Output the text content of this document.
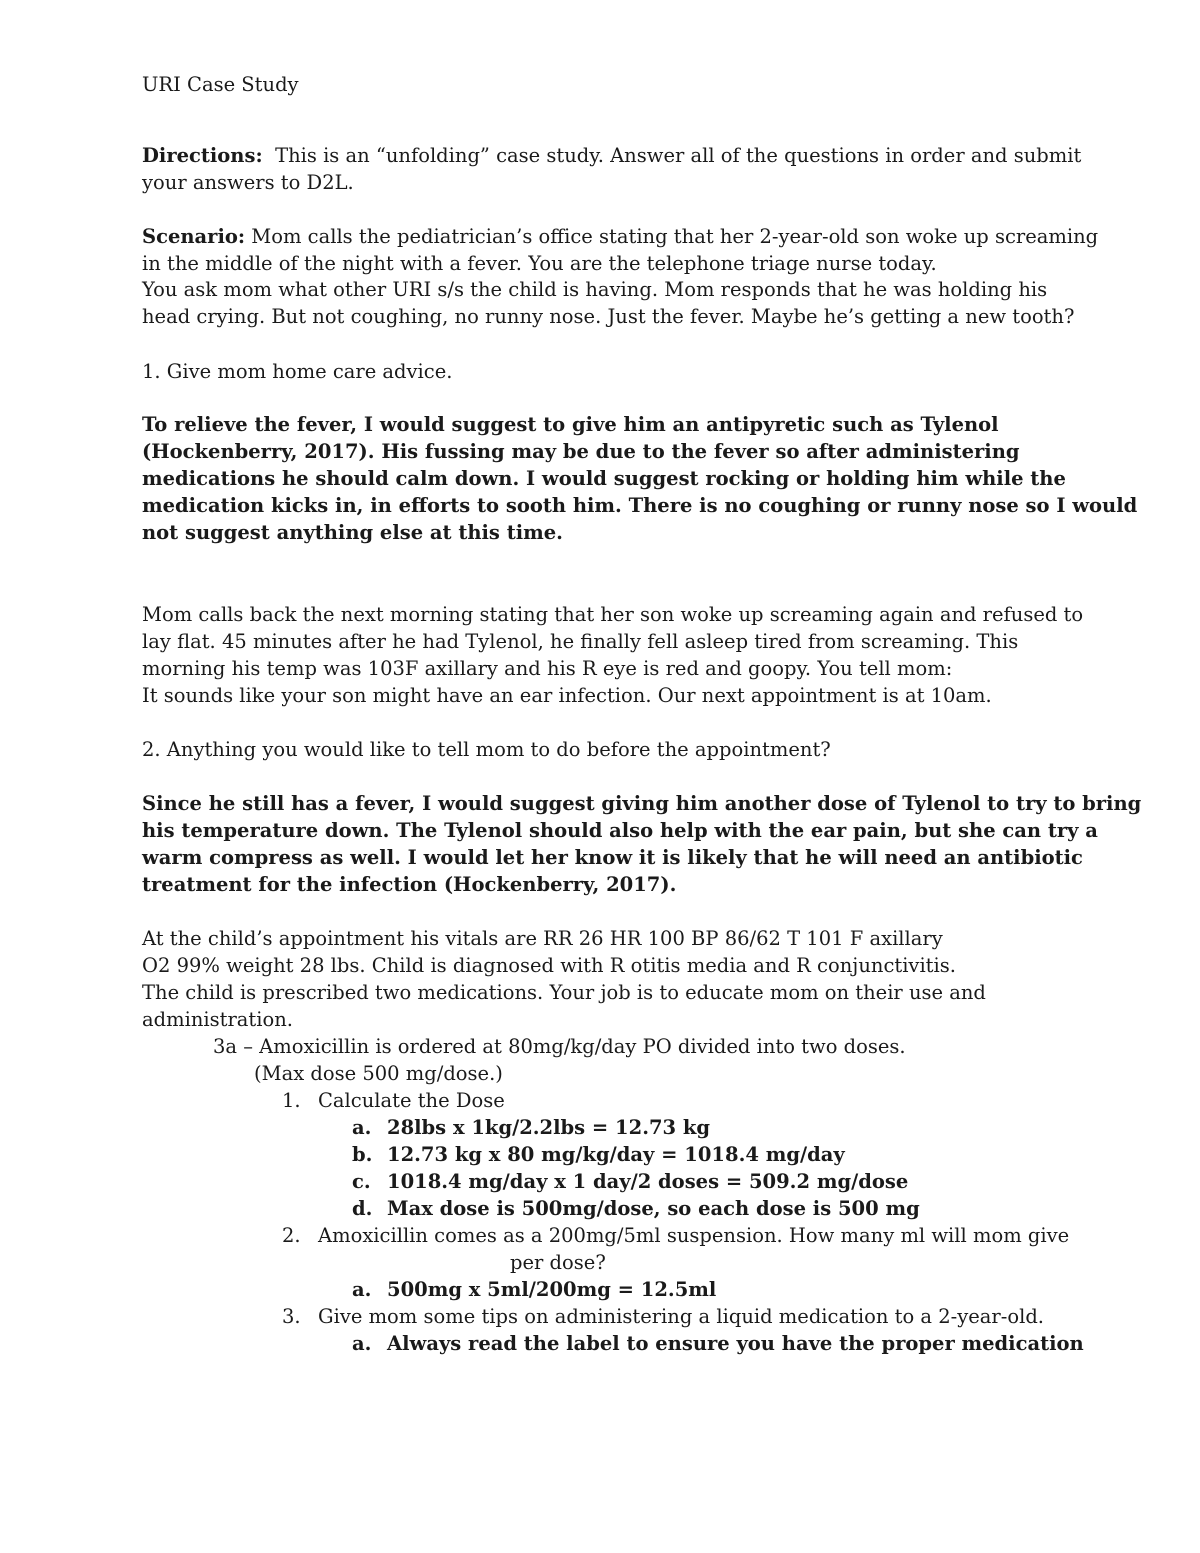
URI Case Study

Directions: This is an “unfolding” case study. Answer all of the questions in order and submit

your answers to D2L.

Scenario: Mom calls the pediatrician’s office stating that her 2-year-old son woke up screaming

in the middle of the night with a fever. You are the telephone triage nurse today.

You ask mom what other URI s/s the child is having. Mom responds that he was holding his

head crying. But not coughing, no runny nose. Just the fever. Maybe he’s getting a new tooth?

1. Give mom home care advice.

To relieve the fever, I would suggest to give him an antipyretic such as Tylenol

(Hockenberry, 2017). His fussing may be due to the fever so after administering

medications he should calm down. I would suggest rocking or holding him while the

medication kicks in, in efforts to sooth him. There is no coughing or runny nose so I would

not suggest anything else at this time.

Mom calls back the next morning stating that her son woke up screaming again and refused to

lay flat. 45 minutes after he had Tylenol, he finally fell asleep tired from screaming. This

morning his temp was 103F axillary and his R eye is red and goopy. You tell mom:

It sounds like your son might have an ear infection. Our next appointment is at 10am.

2. Anything you would like to tell mom to do before the appointment?

Since he still has a fever, I would suggest giving him another dose of Tylenol to try to bring

his temperature down. The Tylenol should also help with the ear pain, but she can try a

warm compress as well. I would let her know it is likely that he will need an antibiotic

treatment for the infection (Hockenberry, 2017).

At the child’s appointment his vitals are RR 26 HR 100 BP 86/62 T 101 F axillary

O2 99% weight 28 lbs. Child is diagnosed with R otitis media and R conjunctivitis.

The child is prescribed two medications. Your job is to educate mom on their use and

administration.

3a – Amoxicillin is ordered at 80mg/kg/day PO divided into two doses.

(Max dose 500 mg/dose.)

1. Calculate the Dose

a. 28lbs x 1kg/2.2lbs = 12.73 kg

b. 12.73 kg x 80 mg/kg/day = 1018.4 mg/day

c. 1018.4 mg/day x 1 day/2 doses = 509.2 mg/dose

d. Max dose is 500mg/dose, so each dose is 500 mg

2. Amoxicillin comes as a 200mg/5ml suspension. How many ml will mom give

per dose?

a. 500mg x 5ml/200mg = 12.5ml

3. Give mom some tips on administering a liquid medication to a 2-year-old.

a. Always read the label to ensure you have the proper medication
